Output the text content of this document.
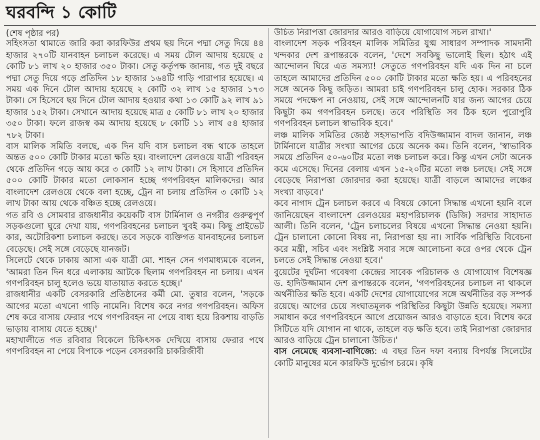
ঘরবন্দি ১ কোটি

(শেষ পৃষ্ঠার পর)

সহিংসতা থামাতে জারি করা কারফিউর প্রথম ছয় দিনে পদ্মা সেতু দিয়ে ৪৪ হাজার ২৭০টি যানবাহন চলাচল করেছে। এ সময় টোল আদায় হয়েছে ৫ কোটি ৮১ লাখ ২০ হাজার ৩৫০ টাকা। সেতু কর্তৃপক্ষ জানায়, গত দুই বছরে পদ্মা সেতু দিয়ে গড়ে প্রতিদিন ১৮ হাজার ১৬৪টি গাড়ি পারাপার হয়েছে। এ সময় এক দিনে টোল আদায় হয়েছে ২ কোটি ৩২ লাখ ১৫ হাজার ১৭৩ টাকা। সে হিসেবে ছয় দিনে টোল আদায় হওয়ার কথা ১৩ কোটি ৯২ লাখ ৯১ হাজার ১৫২ টাকা। সেখানে আদায় হয়েছে মাত্র ৫ কোটি ৮১ লাখ ২০ হাজার ৩৫০ টাকা। ফলে রাজস্ব কম আদায় হয়েছে ৮ কোটি ১১ লাখ ৫৪ হাজার ৭৮২ টাকা।

বাস মালিক সমিতি বলছে, এক দিন যদি বাস চলাচল বন্ধ থাকে তাহলে অন্তত ৫০০ কোটি টাকার মতো ক্ষতি হয়। বাংলাদেশ রেলওয়ে যাত্রী পরিবহন থেকে প্রতিদিন গড়ে আয় করে ৩ কোটি ১২ লাখ টাকা। সে হিসাবে প্রতিদিন ৫০০ কোটি টাকার মতো লোকসান হচ্ছে গণপরিবহন মালিকদের। আর বাংলাদেশ রেলওয়ে থেকে বলা হচ্ছে, ট্রেন না চলায় প্রতিদিন ৩ কোটি ১২ লাখ টাকা আয় থেকে বঞ্চিত হচ্ছে রেলওয়ে।

গত রবি ও সোমবার রাজধানীর কয়েকটি বাস টার্মিনাল ও নগরীর গুরুত্বপূর্ণ সড়কগুলো ঘুরে দেখা যায়, গণপরিবহনের চলাচল খুবই কম। কিছু প্রাইভেট কার, অটোরিকশা চলাচল করছে। তবে সড়কে ব্যক্তিগত যানবাহনের চলাচল বেড়েছে। সেই সঙ্গে বেড়েছে যানজট।

সিলেটে থেকে ঢাকায় আসা এক যাত্রী মো. শাহন সেন গণমাধ্যমকে বলেন, 'আমরা তিন দিন ধরে এলাকায় আটকে ছিলাম গণপরিবহন না চলায়। এখন গণপরিবহন চালু হলেও ভয়ে যাতায়াত করতে হচ্ছে।'

রাজধানীর একটি বেসরকারি প্রতিষ্ঠানের কর্মী মো. তুষার বলেন, 'সড়কে আগের মতো এখনো গাড়ি নামেনি। বিশেষ করে নগর গণপরিবহন। অফিস শেষ করে বাসায় ফেরার পথে গণপরিবহন না পেয়ে বাধ্য হয়ে রিকশায় বাড়তি ভাড়ায় বাসায় যেতে হচ্ছে।'

মহাখালীতে গত রবিবার বিকেলে চিকিৎসক দেখিয়ে বাসায় ফেরার পথে গণপরিবহন না পেয়ে বিপাকে পড়েন বেসরকারি চাকরিজীবী

উচিত নিরাপত্তা জোরদার আরও বাড়িয়ে যোগাযোগ সচল রাখা।'

বাংলাদেশ সড়ক পরিবহন মালিক সমিতির যুগ্ম সাধারণ সম্পাদক সামদানী খন্দকার দেশ রূপান্তরকে বলেন, 'দেশে সবকিছু ভালোই ছিল। হঠাৎ এই আন্দোলন ঘিরে এত সমস্যা! সেতুতে গণপরিবহন যদি এক দিন না চলে তাহলে আমাদের প্রতিদিন ৫০০ কোটি টাকার মতো ক্ষতি হয়। এ পরিবহনের সঙ্গে অনেক কিছু জড়িত। আমরা চাই গণপরিবহন চালু হোক। সরকার ঠিক সময়ে পদক্ষেপ না নেওয়ায়, সেই সঙ্গে আন্দোলনটি যার জন্য আগের চেয়ে কিছুটা কম গণপরিবহন চলছে। তবে পরিস্থিতি সব ঠিক হলে পুরোপুরি গণপরিবহন চলাচল স্বাভাবিক হবে।'

লঞ্চ মালিক সমিতির জ্যেষ্ঠ সহসভাপতি বদিউজ্জামান বাদল জানান, লঞ্চ টার্মিনালে যাত্রীর সংখ্যা আগের চেয়ে অনেক কম। তিনি বলেন, 'স্বাভাবিক সময়ে প্রতিদিন ৫০-৬০টির মতো লঞ্চ চলাচল করে। কিন্তু এখন সেটা অনেক কমে এসেছে। দিনের বেলায় এখন ১৫-২০টির মতো লঞ্চ চলছে। সেই সঙ্গে বেড়েছে নিরাপত্তা জোরদার করা হয়েছে। যাত্রী বাড়লে আমাদের লঞ্চের সংখ্যা বাড়বে।'

কবে নাগাদ ট্রেন চলাচল করবে এ বিষয়ে কোনো সিদ্ধান্ত এখনো হয়নি বলে জানিয়েছেন বাংলাদেশ রেলওয়ের মহাপরিচালক (ডিজি) সরদার সাহাদাত আলী। তিনি বলেন, 'ট্রেন চলাচলের বিষয়ে এখনো সিদ্ধান্ত নেওয়া হয়নি। ট্রেন চালানো কোনো বিষয় না, নিরাপত্তা হয় না। সার্বিক পরিস্থিতি বিবেচনা করে মন্ত্রী, সচিব এবং সংশ্লিষ্ট সবার সঙ্গে আলোচনা করে ওপর থেকে ট্রেন চলতে সেই সিদ্ধান্ত নেওয়া হবে।'

বুয়েটের দুর্ঘটনা গবেষণা কেন্দ্রের সাবেক পরিচালক ও যোগাযোগ বিশেষজ্ঞ ড. হাদিউজ্জামান দেশ রূপান্তরকে বলেন, 'গণপরিবহনের চলাচল না থাকলে অর্থনীতির ক্ষতি হবে। একটি দেশের যোগাযোগের সঙ্গে অর্থনীতির বড় সম্পর্ক রয়েছে। আগের চেয়ে সংঘাতমূলক পরিস্থিতির কিছুটা উন্নতি হয়েছে। সমস্যা সমাধান করে গণপরিবহনে আগে প্রয়োজন আরও বাড়াতে হবে। বিশেষ করে সিটিতে যদি যোগান না থাকে, তাহলে বড় ক্ষতি হবে। তাই নিরাপত্তা জোরদার আরও বাড়িয়ে ট্রেন চালানো উচিত।'

বাস নেমেছে ব্যবসা-বাণিজ্যে: এ বছর তিন দফা বন্যায় বিপর্যস্ত সিলেটের কোটি মানুষের মনে কারফিউ দুর্ভোগ চরমে। কৃষি
